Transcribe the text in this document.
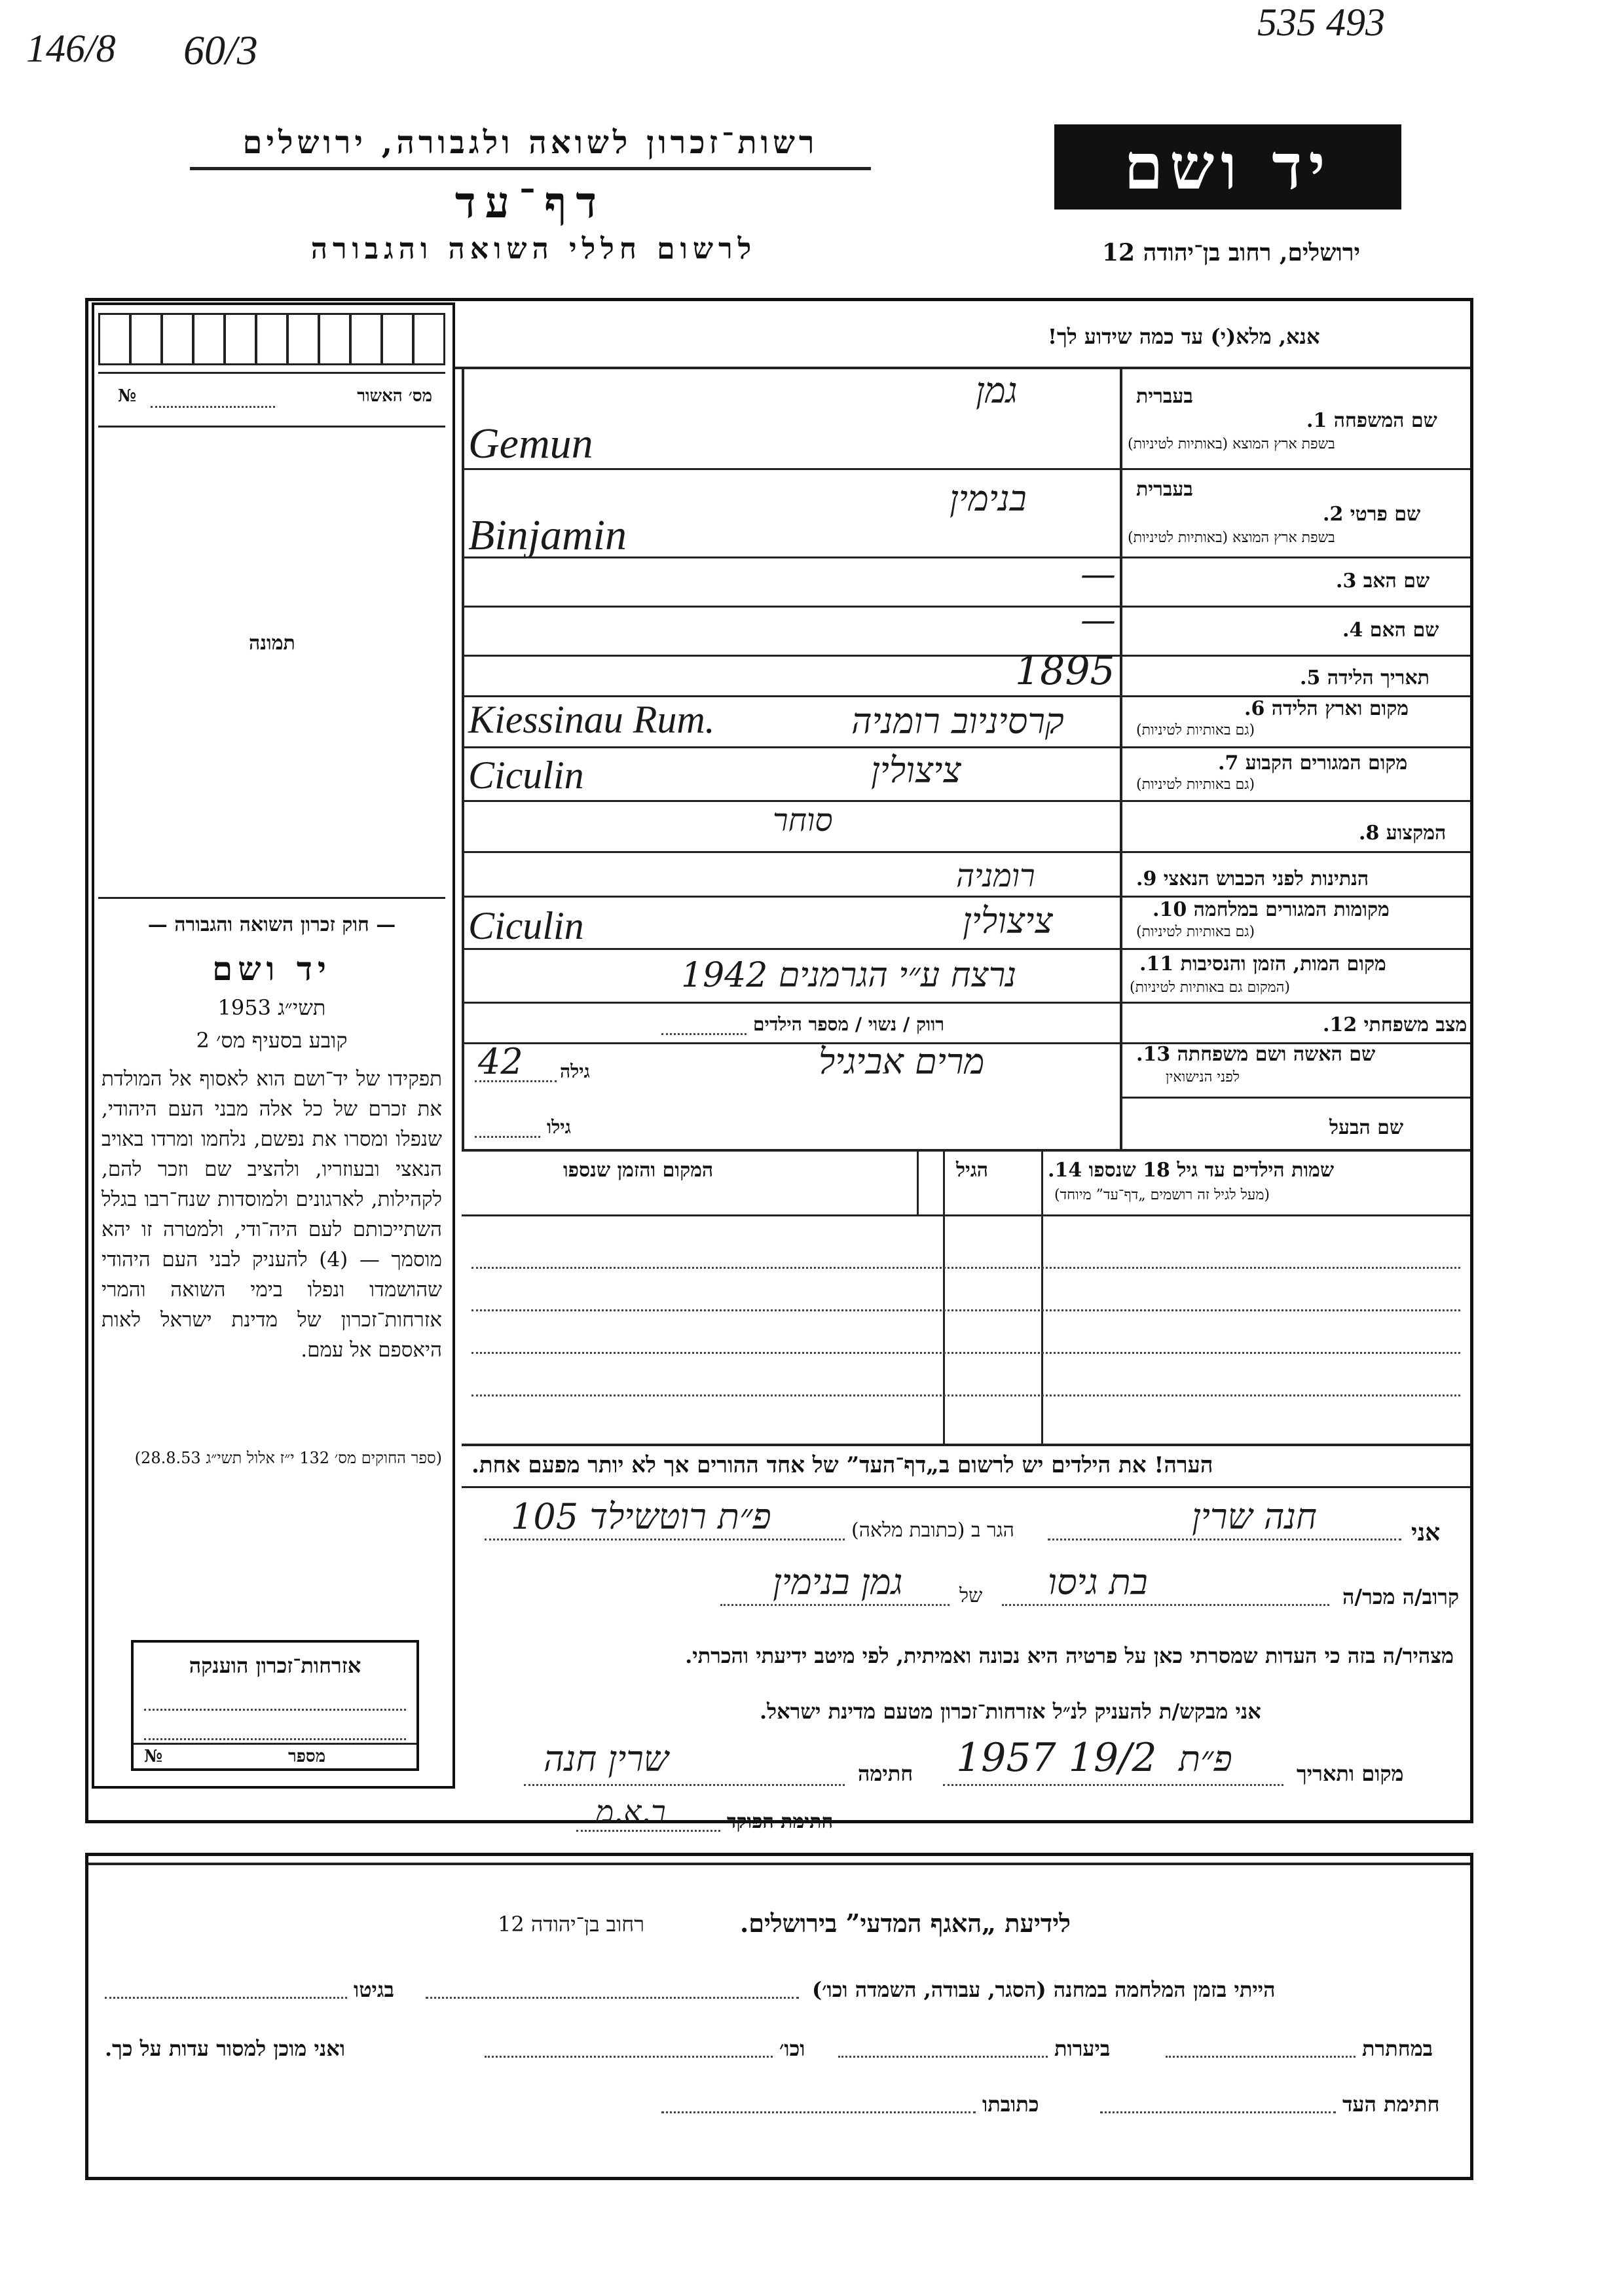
146/8 60/3
535 493
רשות־זכרון לשואה ולגבורה, ירושלים
דף־עד
לרשום חללי השואה והגבורה
יד ושם
ירושלים, רחוב בן־יהודה 12
מס׳ האשור
№
תמונה
— חוק זכרון השואה והגבורה —
יד ושם
תשי״ג 1953
קובע בסעיף מס׳ 2
תפקידו של יד־ושם הוא לאסוף אל המולדת את זכרם של כל אלה מבני העם היהודי, שנפלו ומסרו את נפשם, נלחמו ומרדו באויב הנאצי ובעוזריו, ולהציב שם וזכר להם, לקהילות, לארגונים ולמוסדות שנח־רבו בגלל השתייכותם לעם היה־ודי, ולמטרה זו יהא מוסמך — (4) להעניק לבני העם היהודי שהושמדו ונפלו בימי השואה והמרי אזרחות־זכרון של מדינת ישראל לאות היאספם אל עמם.
(ספר החוקים מס׳ 132 י״ז אלול תשי״ג 28.8.53)
אזרחות־זכרון הוענקה
מספר
№
אנא, מלא(י) עד כמה שידוע לך!
בעברית
שם המשפחה 1.
בשפת ארץ המוצא (באותיות לטיניות)
גמן
Gemun
בעברית
שם פרטי 2.
בשפת ארץ המוצא (באותיות לטיניות)
בנימין
Binjamin
שם האב 3.
—
שם האם 4.
—
תאריך הלידה 5.
1895
מקום וארץ הלידה 6.
(גם באותיות לטיניות)
קרסיניוב רומניה
Kiessinau Rum.
מקום המגורים הקבוע 7.
(גם באותיות לטיניות)
ציצולין
Ciculin
המקצוע 8.
סוחר
הנתינות לפני הכבוש הנאצי 9.
רומניה
מקומות המגורים במלחמה 10.
(גם באותיות לטיניות)
ציצולין
Ciculin
מקום המות, הזמן והנסיבות 11.
(המקום גם באותיות לטיניות)
נרצח ע״י הגרמנים 1942
מצב משפחתי 12.
רווק / נשוי / מספר הילדים
שם האשה ושם משפחתה 13.
לפני הנישואין
מרים אביגיל
גילה
42
שם הבעל
גילו
שמות הילדים עד גיל 18 שנספו 14.
(מעל לגיל זה רושמים „דף־עד” מיוחד)
הגיל
המקום והזמן שנספו
הערה! את הילדים יש לרשום ב„דף־העד” של אחד ההורים אך לא יותר מפעם אחת.
אני
חנה שרין
הגר ב (כתובת מלאה)
פ״ת רוטשילד 105
קרוב/ה מכר/ה
בת גיסו
של
גמן בנימין
מצהיר/ה בזה כי העדות שמסרתי כאן על פרטיה היא נכונה ואמיתית, לפי מיטב ידיעתי והכרתי.
אני מבקש/ת להעניק לנ״ל אזרחות־זכרון מטעם מדינת ישראל.
מקום ותאריך
פ״ת
19/2 1957
חתימה
שרין חנה
חתימת הפוקד
ר.א.מ
לידיעת „האגף המדעי” בירושלים.
רחוב בן־יהודה 12
הייתי בזמן המלחמה במחנה (הסגר, עבודה, השמדה וכו׳)
בגיטו
במחתרת
ביערות
וכו׳
ואני מוכן למסור עדות על כך.
חתימת העד
כתובתו
